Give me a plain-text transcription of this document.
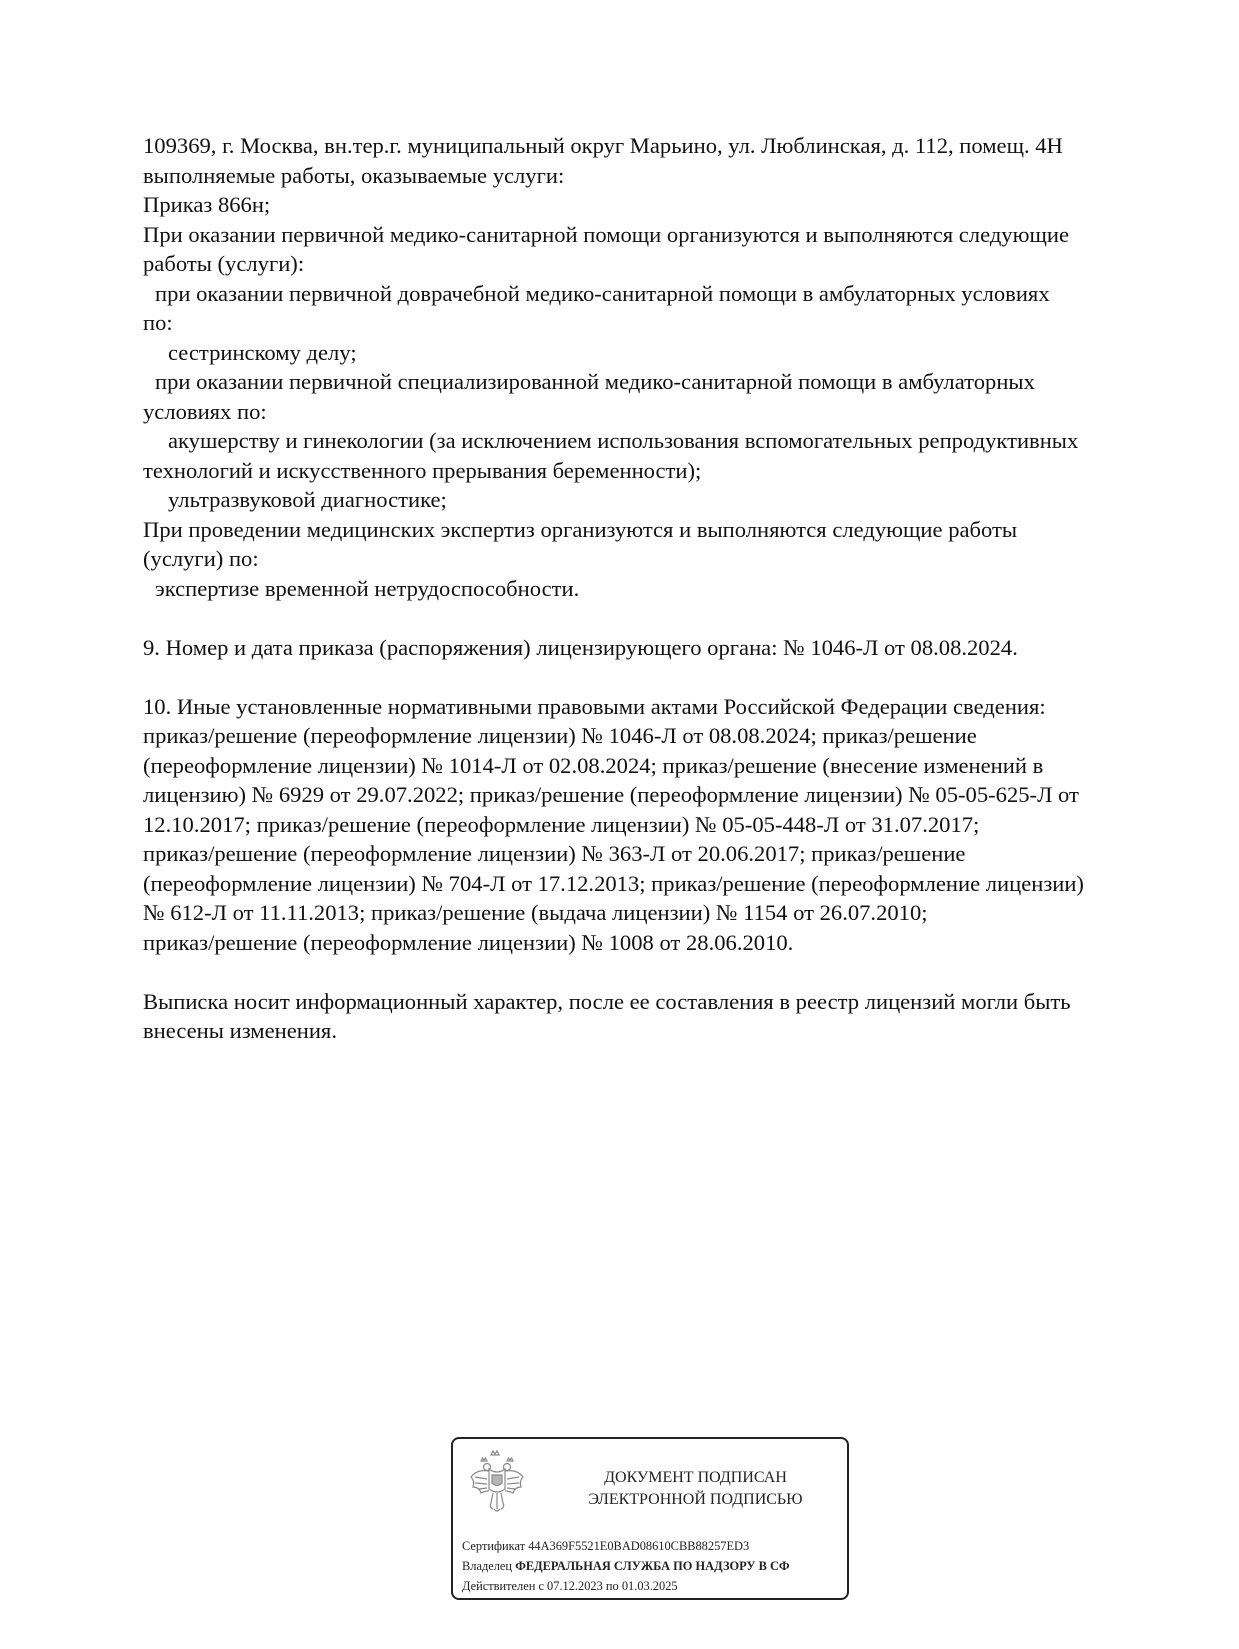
109369, г. Москва, вн.тер.г. муниципальный округ Марьино, ул. Люблинская, д. 112, помещ. 4Н
выполняемые работы, оказываемые услуги:
Приказ 866н;
При оказании первичной медико-санитарной помощи организуются и выполняются следующие
работы (услуги):
при оказании первичной доврачебной медико-санитарной помощи в амбулаторных условиях
по:
сестринскому делу;
при оказании первичной специализированной медико-санитарной помощи в амбулаторных
условиях по:
акушерству и гинекологии (за исключением использования вспомогательных репродуктивных
технологий и искусственного прерывания беременности);
ультразвуковой диагностике;
При проведении медицинских экспертиз организуются и выполняются следующие работы
(услуги) по:
экспертизе временной нетрудоспособности.
9. Номер и дата приказа (распоряжения) лицензирующего органа: № 1046-Л от 08.08.2024.
10. Иные установленные нормативными правовыми актами Российской Федерации сведения:
приказ/решение (переоформление лицензии) № 1046-Л от 08.08.2024; приказ/решение
(переоформление лицензии) № 1014-Л от 02.08.2024; приказ/решение (внесение изменений в
лицензию) № 6929 от 29.07.2022; приказ/решение (переоформление лицензии) № 05-05-625-Л от
12.10.2017; приказ/решение (переоформление лицензии) № 05-05-448-Л от 31.07.2017;
приказ/решение (переоформление лицензии) № 363-Л от 20.06.2017; приказ/решение
(переоформление лицензии) № 704-Л от 17.12.2013; приказ/решение (переоформление лицензии)
№ 612-Л от 11.11.2013; приказ/решение (выдача лицензии) № 1154 от 26.07.2010;
приказ/решение (переоформление лицензии) № 1008 от 28.06.2010.
Выписка носит информационный характер, после ее составления в реестр лицензий могли быть
внесены изменения.
ДОКУМЕНТ ПОДПИСАН
ЭЛЕКТРОННОЙ ПОДПИСЬЮ
Сертификат 44A369F5521E0BAD08610CBB88257ED3
Владелец ФЕДЕРАЛЬНАЯ СЛУЖБА ПО НАДЗОРУ В СФ
Действителен с 07.12.2023 по 01.03.2025
